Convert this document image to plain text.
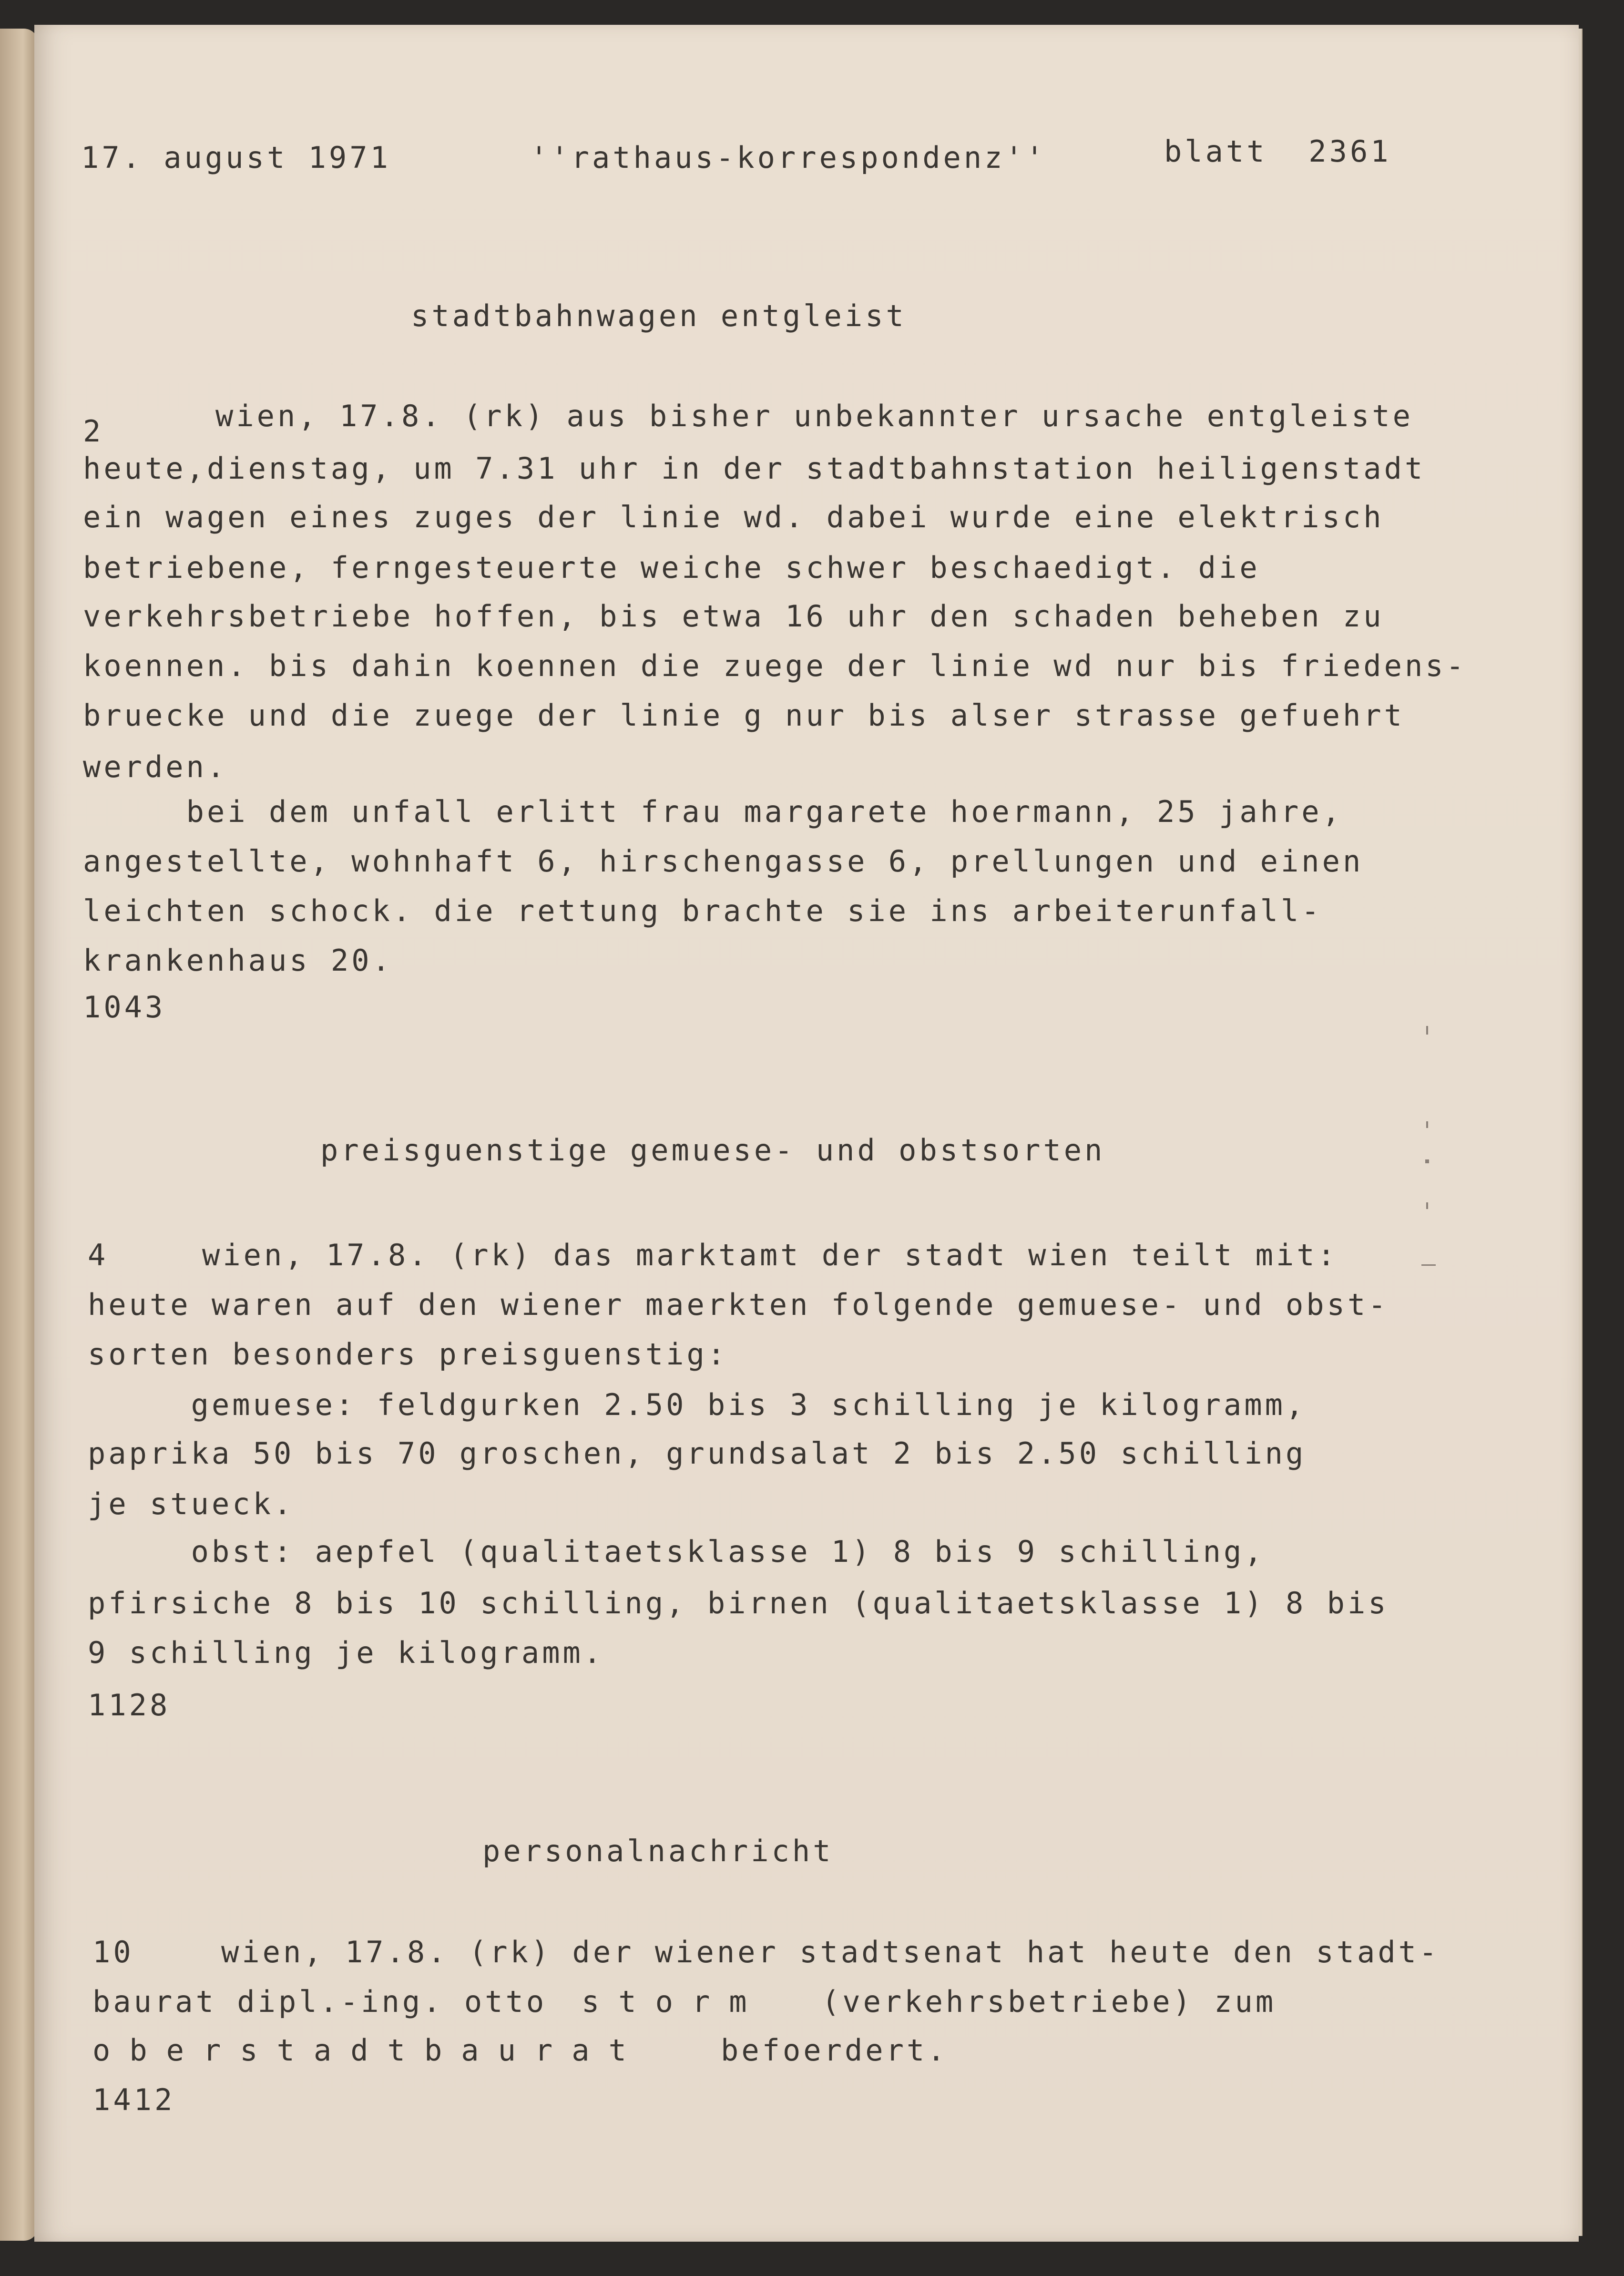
17. august 1971	''rathaus-korrespondenz''	blatt  2361
stadtbahnwagen entgleist
2	wien, 17.8. (rk) aus bisher unbekannter ursache entgleiste
heute,dienstag, um 7.31 uhr in der stadtbahnstation heiligenstadt
ein wagen eines zuges der linie wd. dabei wurde eine elektrisch
betriebene, ferngesteuerte weiche schwer beschaedigt. die
verkehrsbetriebe hoffen, bis etwa 16 uhr den schaden beheben zu
koennen. bis dahin koennen die zuege der linie wd nur bis friedens-
bruecke und die zuege der linie g nur bis alser strasse gefuehrt
werden.
bei dem unfall erlitt frau margarete hoermann, 25 jahre,
angestellte, wohnhaft 6, hirschengasse 6, prellungen und einen
leichten schock. die rettung brachte sie ins arbeiterunfall-
krankenhaus 20.
1043
preisguenstige gemuese- und obstsorten
4	wien, 17.8. (rk) das marktamt der stadt wien teilt mit:
heute waren auf den wiener maerkten folgende gemuese- und obst-
sorten besonders preisguenstig:
gemuese: feldgurken 2.50 bis 3 schilling je kilogramm,
paprika 50 bis 70 groschen, grundsalat 2 bis 2.50 schilling
je stueck.
obst: aepfel (qualitaetsklasse 1) 8 bis 9 schilling,
pfirsiche 8 bis 10 schilling, birnen (qualitaetsklasse 1) 8 bis
9 schilling je kilogramm.
1128
personalnachricht
10	wien, 17.8. (rk) der wiener stadtsenat hat heute den stadt-
baurat dipl.-ing. otto storm (verkehrsbetriebe) zum
oberstadtbaurat	befoerdert.
1412
